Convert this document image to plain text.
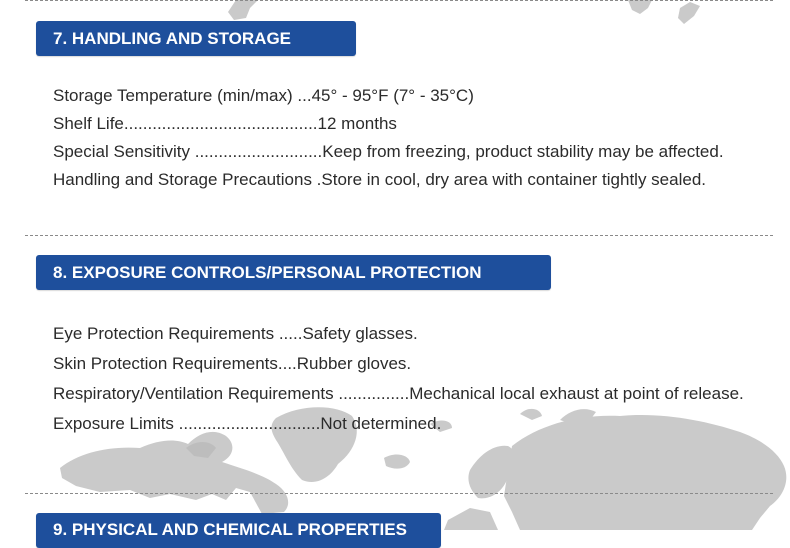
7. HANDLING AND STORAGE
Storage Temperature (min/max) ...45° - 95°F (7° - 35°C)
Shelf Life.........................................12 months
Special Sensitivity ...........................Keep from freezing, product stability may be affected.
Handling and Storage Precautions .Store in cool, dry area with container tightly sealed.
8. EXPOSURE CONTROLS/PERSONAL PROTECTION
Eye Protection Requirements .....Safety glasses.
Skin Protection Requirements....Rubber gloves.
Respiratory/Ventilation Requirements ...............Mechanical local exhaust at point of release.
Exposure Limits ..............................Not determined.
9. PHYSICAL AND CHEMICAL PROPERTIES
